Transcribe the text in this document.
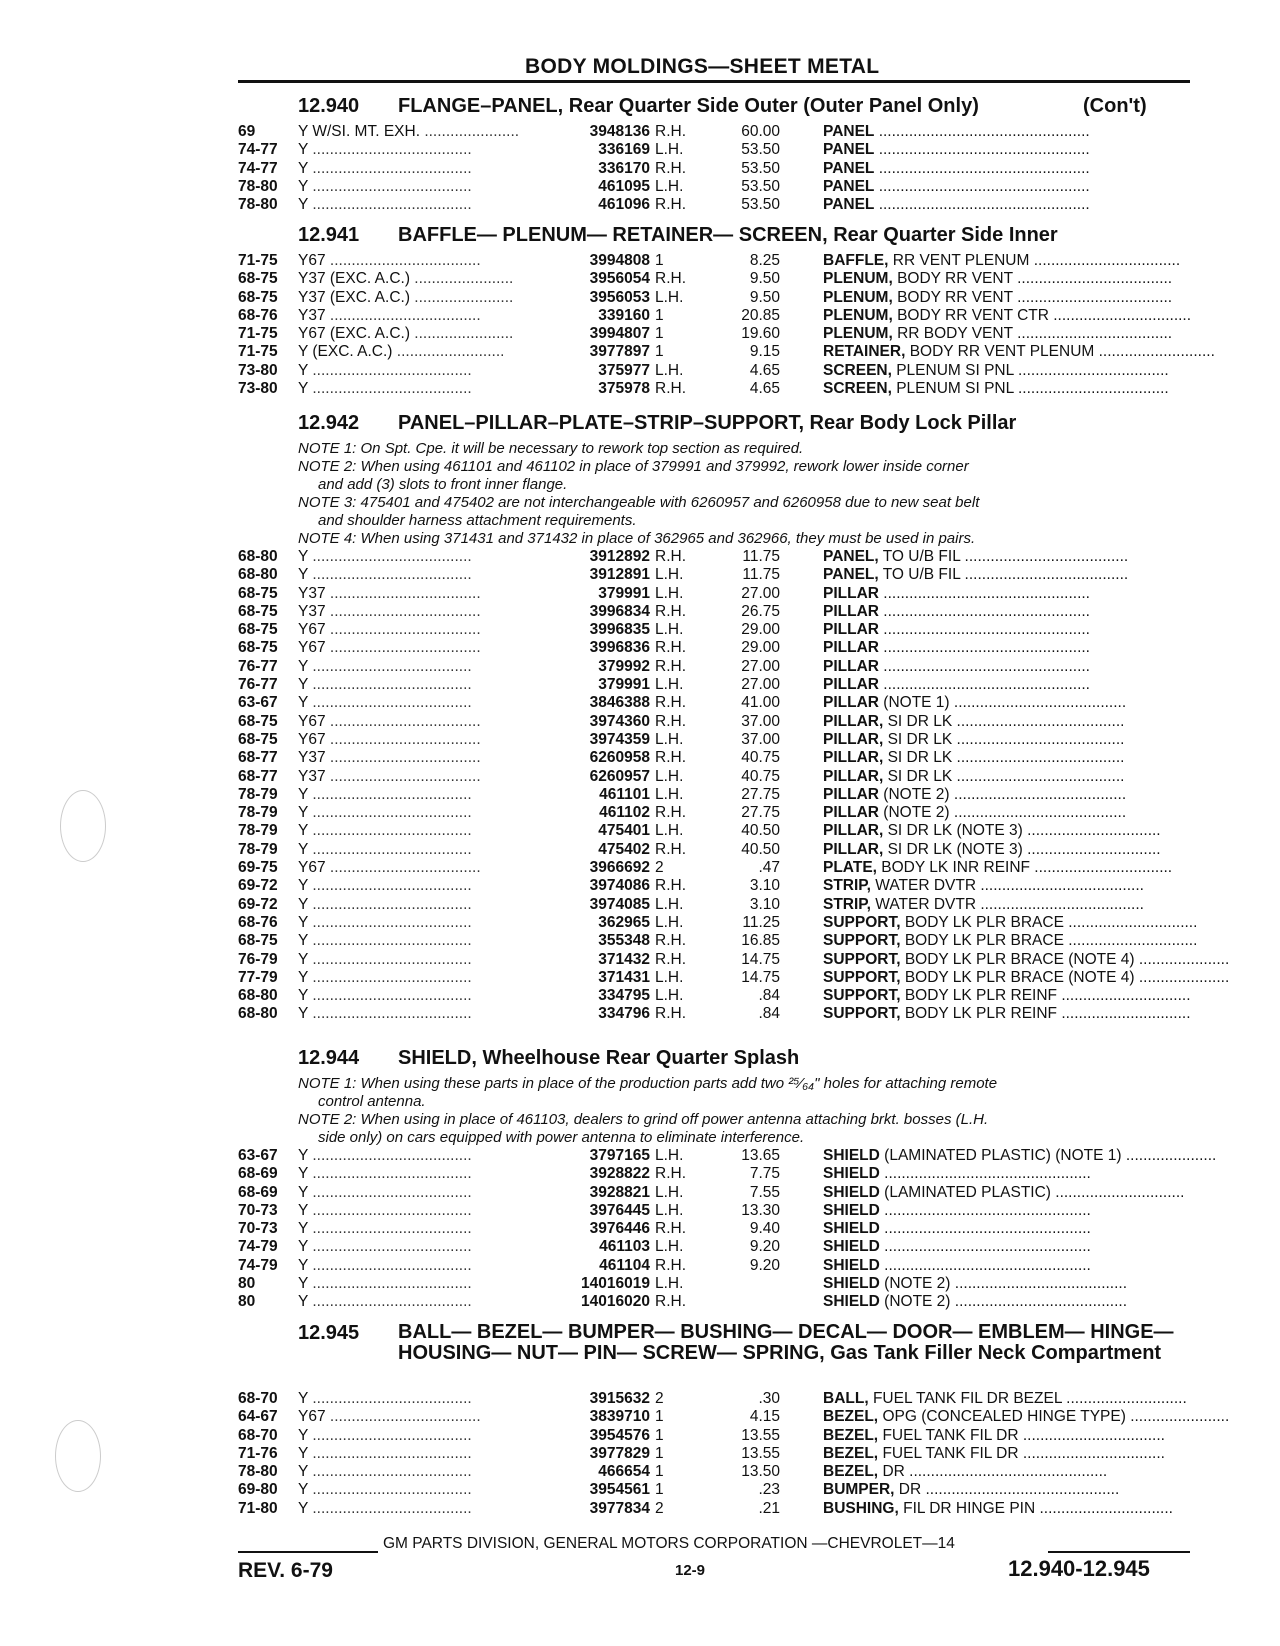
BODY MOLDINGS—SHEET METAL
12.940 FLANGE–PANEL, Rear Quarter Side Outer (Outer Panel Only)	(Con't)
69	Y W/SI. MT. EXH. ......................	3948136 R.H.	60.00	PANEL .................................................
74-77 Y .....................................	336169 L.H.	53.50	PANEL .................................................
74-77 Y .....................................	336170 R.H.	53.50	PANEL .................................................
78-80 Y .....................................	461095 L.H.	53.50	PANEL .................................................
78-80 Y .....................................	461096 R.H.	53.50	PANEL .................................................
12.941 BAFFLE— PLENUM— RETAINER— SCREEN, Rear Quarter Side Inner
71-75 Y67 ...................................	3994808 1	8.25	BAFFLE, RR VENT PLENUM ..................................
68-75 Y37 (EXC. A.C.) .......................	3956054 R.H.	9.50	PLENUM, BODY RR VENT ....................................
68-75 Y37 (EXC. A.C.) .......................	3956053 L.H.	9.50	PLENUM, BODY RR VENT ....................................
68-76 Y37 ...................................	339160 1	20.85	PLENUM, BODY RR VENT CTR ................................
71-75 Y67 (EXC. A.C.) .......................	3994807 1	19.60	PLENUM, RR BODY VENT ....................................
71-75 Y (EXC. A.C.) .........................	3977897 1	9.15	RETAINER, BODY RR VENT PLENUM ...........................
73-80 Y .....................................	375977 L.H.	4.65	SCREEN, PLENUM SI PNL ...................................
73-80 Y .....................................	375978 R.H.	4.65	SCREEN, PLENUM SI PNL ...................................
12.942 PANEL–PILLAR–PLATE–STRIP–SUPPORT, Rear Body Lock Pillar
NOTE 1: On Spt. Cpe. it will be necessary to rework top section as required.
NOTE 2: When using 461101 and 461102 in place of 379991 and 379992, rework lower inside corner
and add (3) slots to front inner flange.
NOTE 3: 475401 and 475402 are not interchangeable with 6260957 and 6260958 due to new seat belt
and shoulder harness attachment requirements.
NOTE 4: When using 371431 and 371432 in place of 362965 and 362966, they must be used in pairs.
68-80 Y .....................................	3912892 R.H.	11.75	PANEL, TO U/B FIL ......................................
68-80 Y .....................................	3912891 L.H.	11.75	PANEL, TO U/B FIL ......................................
68-75 Y37 ...................................	379991 L.H.	27.00	PILLAR ................................................
68-75 Y37 ...................................	3996834 R.H.	26.75	PILLAR ................................................
68-75 Y67 ...................................	3996835 L.H.	29.00	PILLAR ................................................
68-75 Y67 ...................................	3996836 R.H.	29.00	PILLAR ................................................
76-77 Y .....................................	379992 R.H.	27.00	PILLAR ................................................
76-77 Y .....................................	379991 L.H.	27.00	PILLAR ................................................
63-67 Y .....................................	3846388 R.H.	41.00	PILLAR (NOTE 1) ........................................
68-75 Y67 ...................................	3974360 R.H.	37.00	PILLAR, SI DR LK .......................................
68-75 Y67 ...................................	3974359 L.H.	37.00	PILLAR, SI DR LK .......................................
68-77 Y37 ...................................	6260958 R.H.	40.75	PILLAR, SI DR LK .......................................
68-77 Y37 ...................................	6260957 L.H.	40.75	PILLAR, SI DR LK .......................................
78-79 Y .....................................	461101 L.H.	27.75	PILLAR (NOTE 2) ........................................
78-79 Y .....................................	461102 R.H.	27.75	PILLAR (NOTE 2) ........................................
78-79 Y .....................................	475401 L.H.	40.50	PILLAR, SI DR LK (NOTE 3) ...............................
78-79 Y .....................................	475402 R.H.	40.50	PILLAR, SI DR LK (NOTE 3) ...............................
69-75 Y67 ...................................	3966692 2	.47	PLATE, BODY LK INR REINF ................................
69-72 Y .....................................	3974086 R.H.	3.10	STRIP, WATER DVTR ......................................
69-72 Y .....................................	3974085 L.H.	3.10	STRIP, WATER DVTR ......................................
68-76 Y .....................................	362965 L.H.	11.25	SUPPORT, BODY LK PLR BRACE ..............................
68-75 Y .....................................	355348 R.H.	16.85	SUPPORT, BODY LK PLR BRACE ..............................
76-79 Y .....................................	371432 R.H.	14.75	SUPPORT, BODY LK PLR BRACE (NOTE 4) .....................
77-79 Y .....................................	371431 L.H.	14.75	SUPPORT, BODY LK PLR BRACE (NOTE 4) .....................
68-80 Y .....................................	334795 L.H.	.84	SUPPORT, BODY LK PLR REINF ..............................
68-80 Y .....................................	334796 R.H.	.84	SUPPORT, BODY LK PLR REINF ..............................
12.944 SHIELD, Wheelhouse Rear Quarter Splash
NOTE 1: When using these parts in place of the production parts add two ²⁵⁄₆₄" holes for attaching remote
control antenna.
NOTE 2: When using in place of 461103, dealers to grind off power antenna attaching brkt. bosses (L.H.
side only) on cars equipped with power antenna to eliminate interference.
63-67 Y .....................................	3797165 L.H.	13.65	SHIELD (LAMINATED PLASTIC) (NOTE 1) .....................
68-69 Y .....................................	3928822 R.H.	7.75	SHIELD ................................................
68-69 Y .....................................	3928821 L.H.	7.55	SHIELD (LAMINATED PLASTIC) ..............................
70-73 Y .....................................	3976445 L.H.	13.30	SHIELD ................................................
70-73 Y .....................................	3976446 R.H.	9.40	SHIELD ................................................
74-79 Y .....................................	461103 L.H.	9.20	SHIELD ................................................
74-79 Y .....................................	461104 R.H.	9.20	SHIELD ................................................
80	Y .....................................	14016019 L.H.	SHIELD (NOTE 2) ........................................
80	Y .....................................	14016020 R.H.	SHIELD (NOTE 2) ........................................
12.945 BALL— BEZEL— BUMPER— BUSHING— DECAL— DOOR— EMBLEM— HINGE— HOUSING— NUT— PIN— SCREW— SPRING, Gas Tank Filler Neck Compartment
68-70 Y .....................................	3915632 2	.30	BALL, FUEL TANK FIL DR BEZEL ............................
64-67 Y67 ...................................	3839710 1	4.15	BEZEL, OPG (CONCEALED HINGE TYPE) .......................
68-70 Y .....................................	3954576 1	13.55	BEZEL, FUEL TANK FIL DR .................................
71-76 Y .....................................	3977829 1	13.55	BEZEL, FUEL TANK FIL DR .................................
78-80 Y .....................................	466654 1	13.50	BEZEL, DR ..............................................
69-80 Y .....................................	3954561 1	.23	BUMPER, DR .............................................
71-80 Y .....................................	3977834 2	.21	BUSHING, FIL DR HINGE PIN ...............................
GM PARTS DIVISION, GENERAL MOTORS CORPORATION —CHEVROLET—14
REV. 6-79	12-9	12.940-12.945
